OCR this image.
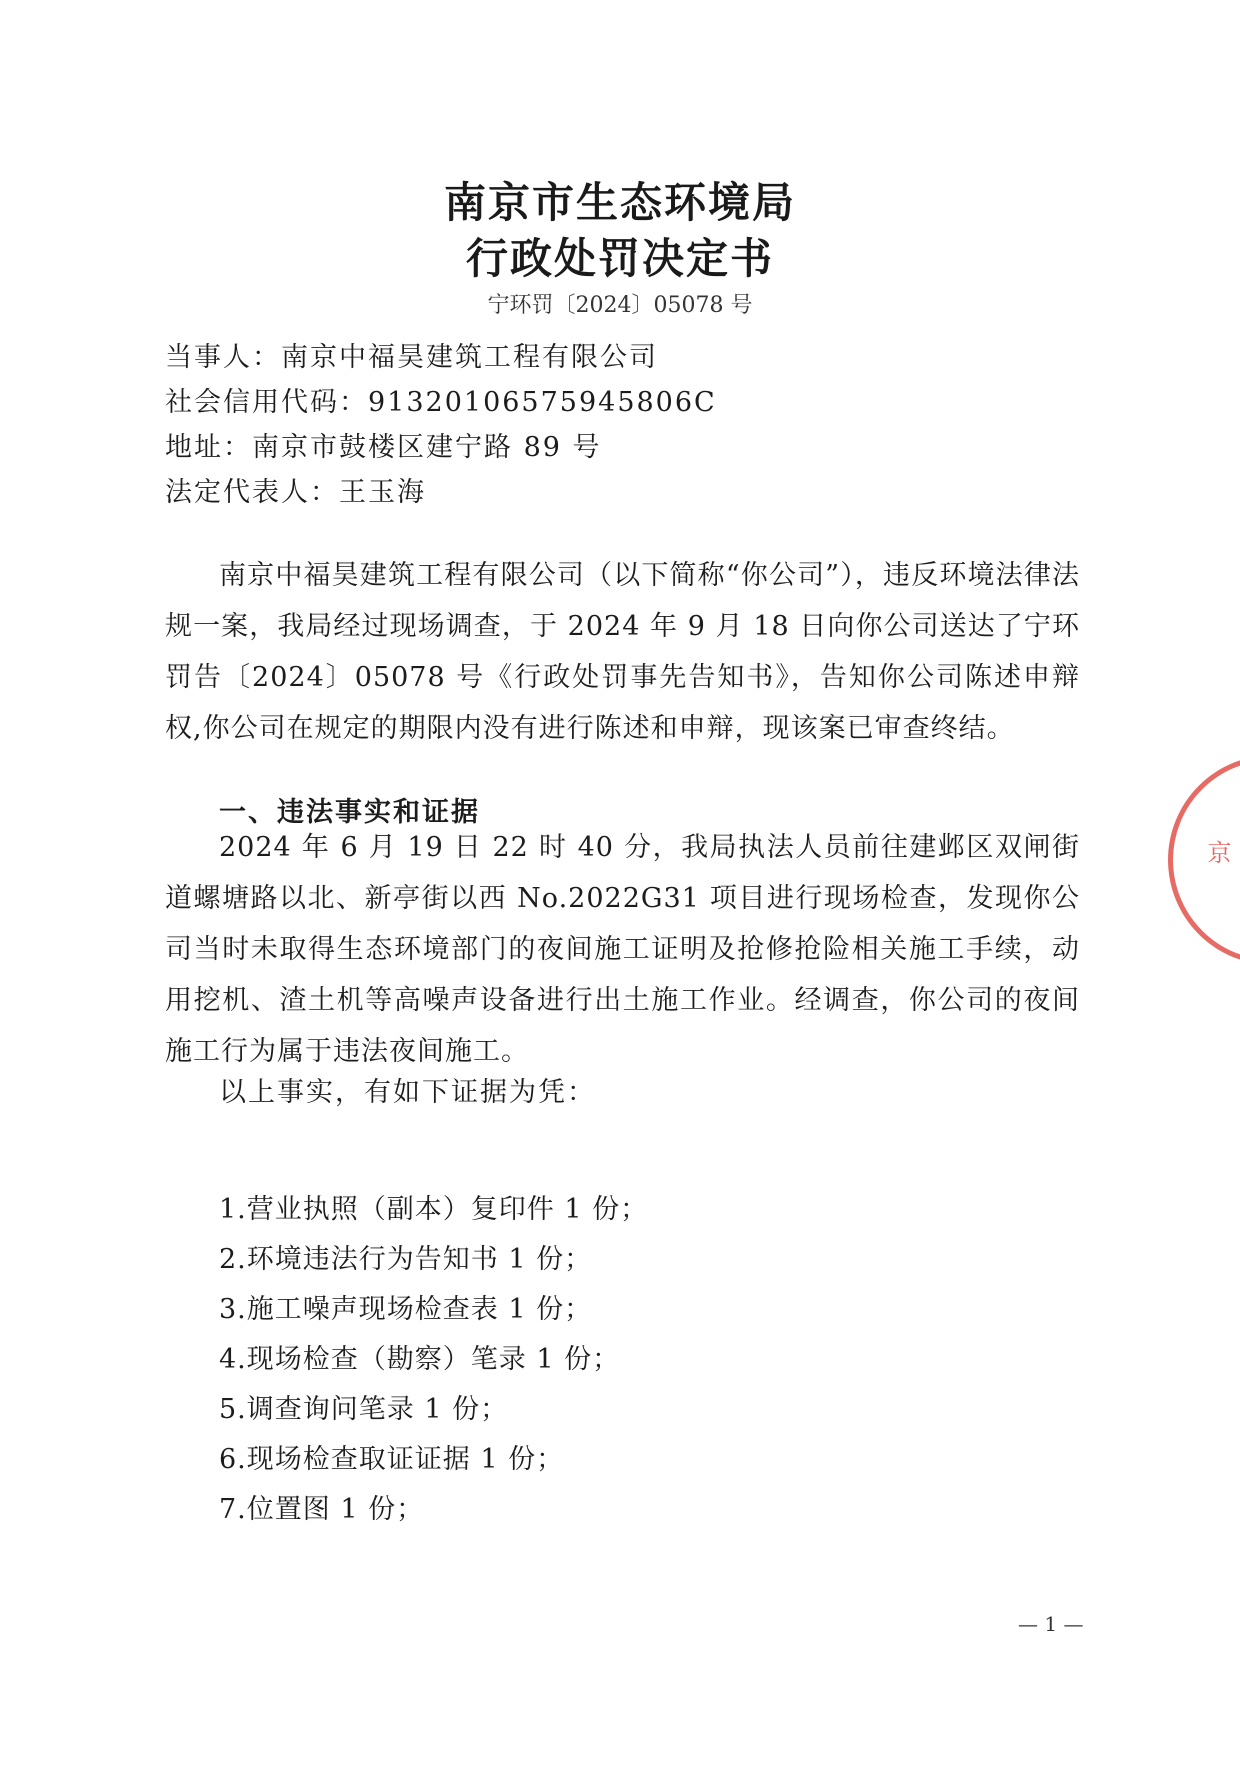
南京市生态环境局
行政处罚决定书
宁环罚〔2024〕05078 号
当事人：南京中福昊建筑工程有限公司
社会信用代码：91320106575945806C
地址：南京市鼓楼区建宁路 89 号
法定代表人：王玉海
南京中福昊建筑工程有限公司（以下简称“你公司”），违反环境法律法规一案，我局经过现场调查，于 2024 年 9 月 18 日向你公司送达了宁环罚告〔2024〕05078 号《行政处罚事先告知书》，告知你公司陈述申辩权,你公司在规定的期限内没有进行陈述和申辩，现该案已审查终结。
一、违法事实和证据
2024 年 6 月 19 日 22 时 40 分，我局执法人员前往建邺区双闸街道螺塘路以北、新亭街以西 No.2022G31 项目进行现场检查，发现你公司当时未取得生态环境部门的夜间施工证明及抢修抢险相关施工手续，动用挖机、渣土机等高噪声设备进行出土施工作业。经调查，你公司的夜间施工行为属于违法夜间施工。
以上事实，有如下证据为凭：
1.营业执照（副本）复印件 1 份；
2.环境违法行为告知书 1 份；
3.施工噪声现场检查表 1 份；
4.现场检查（勘察）笔录 1 份；
5.调查询问笔录 1 份；
6.现场检查取证证据 1 份；
7.位置图 1 份；
京
— 1 —
